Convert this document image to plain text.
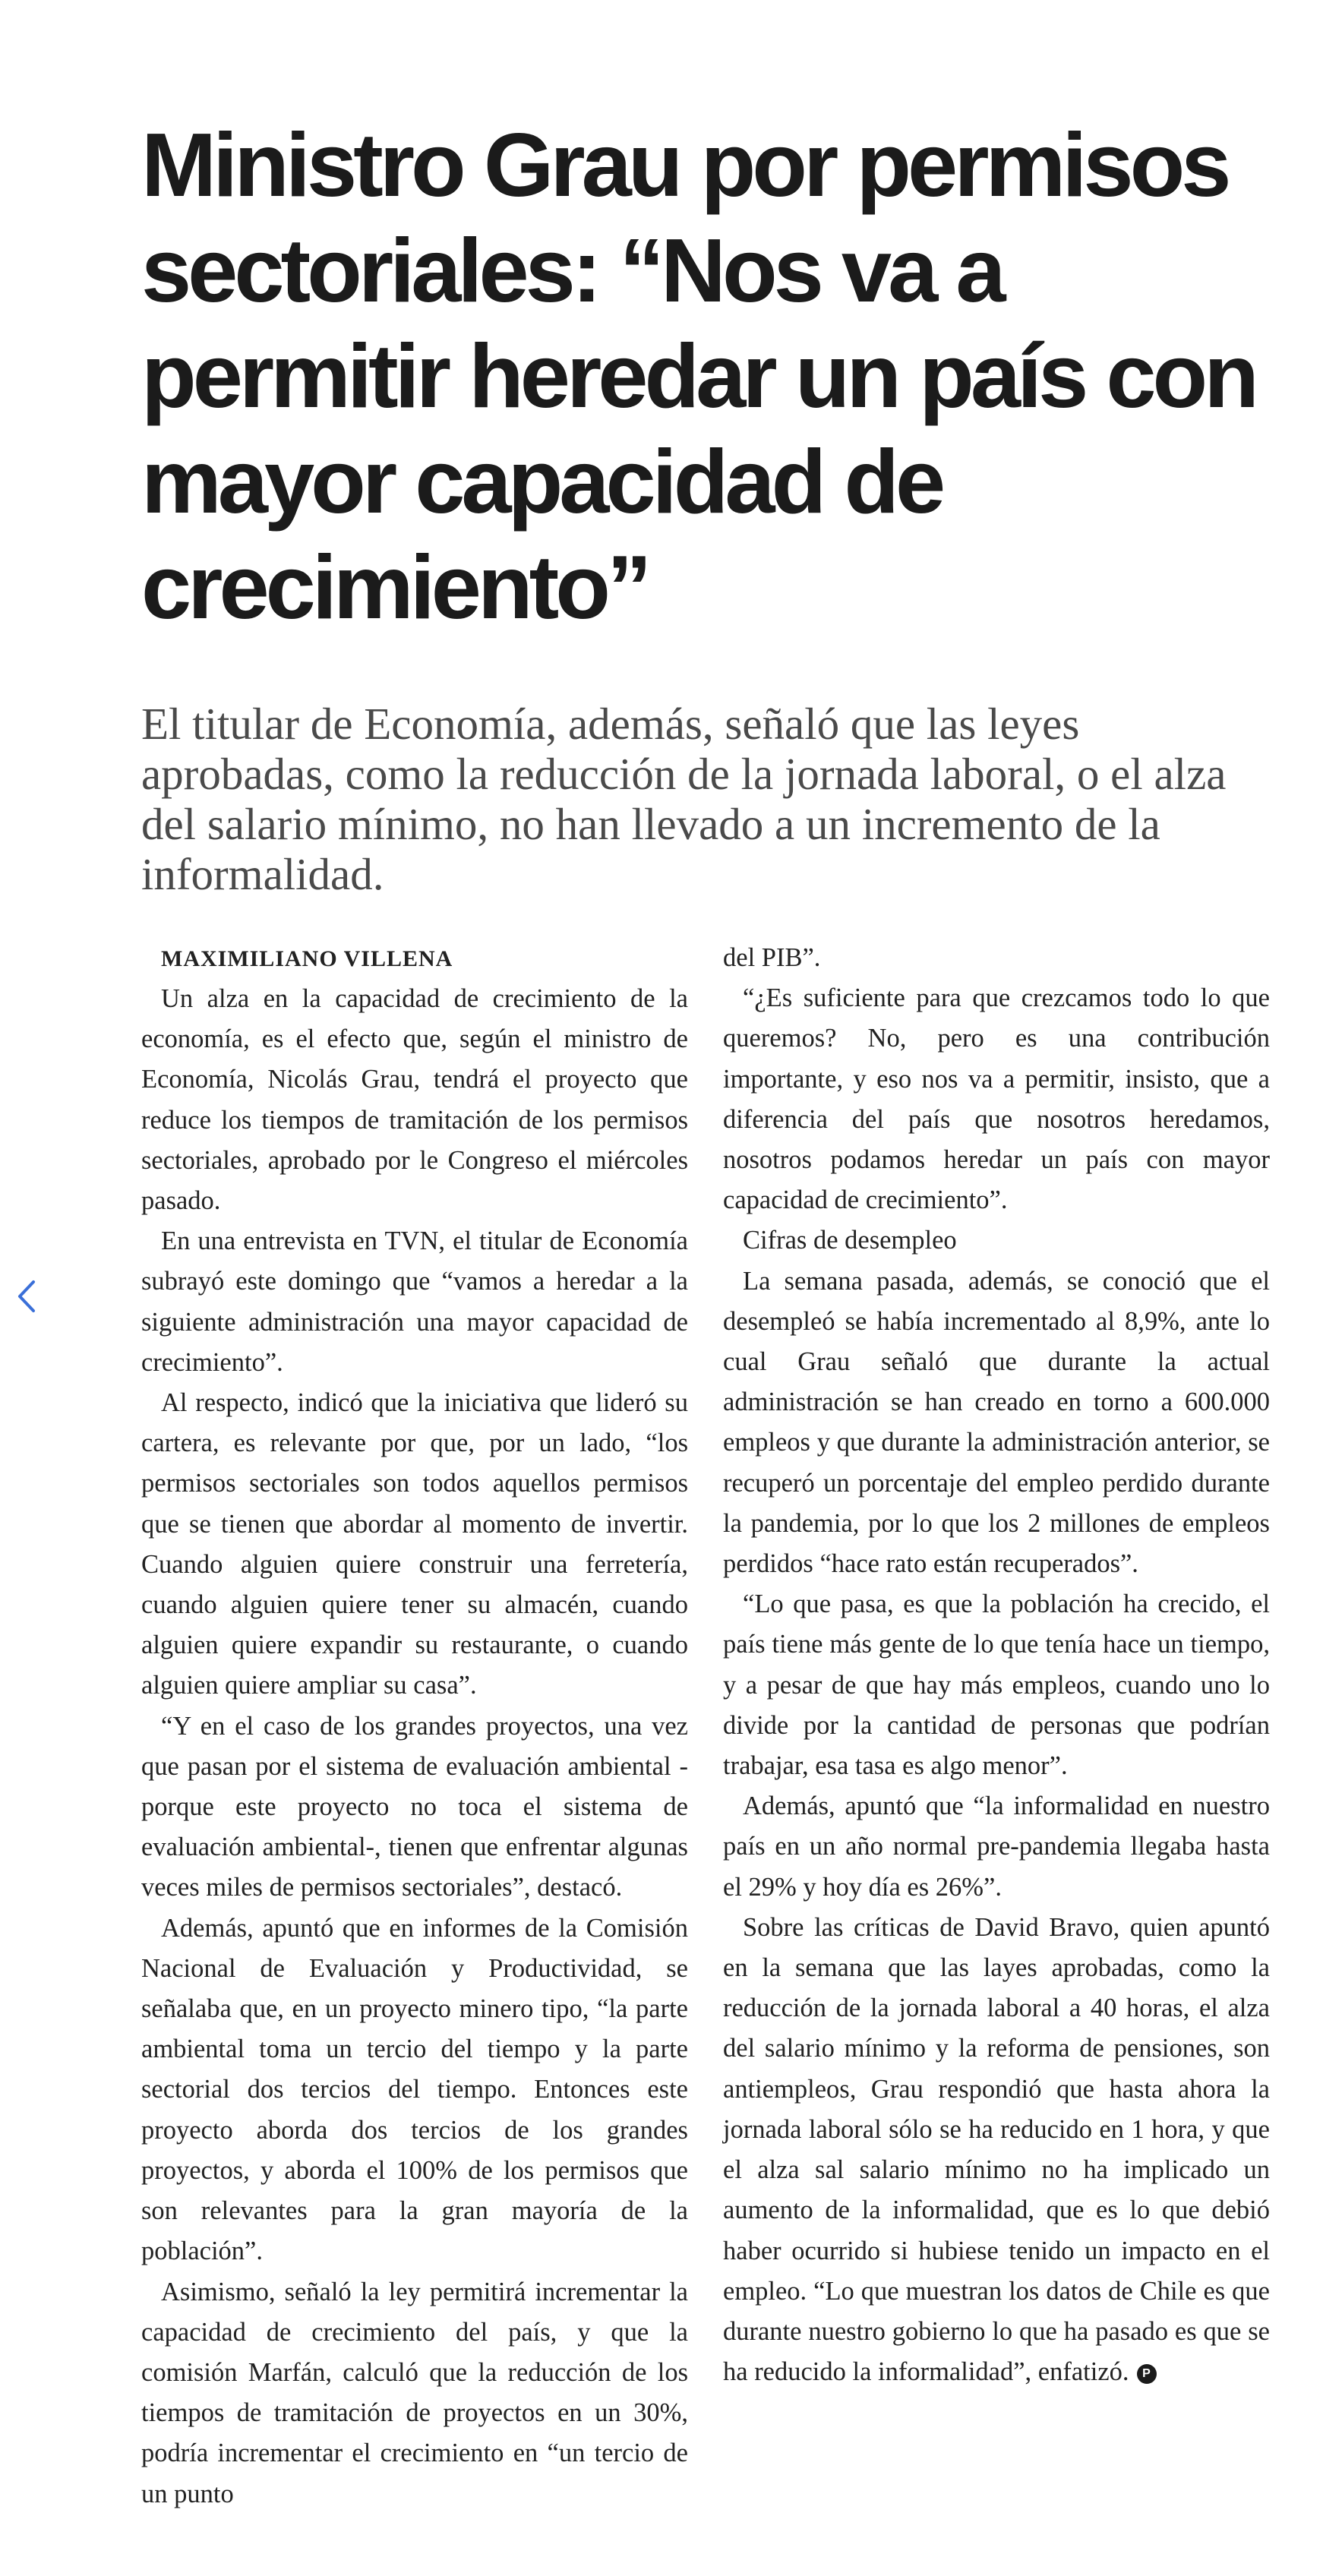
Ministro Grau por permisos sectoriales: “Nos va a permitir heredar un país con mayor capacidad de crecimiento”

El titular de Economía, además, señaló que las leyes aprobadas, como la reducción de la jornada laboral, o el alza del salario mínimo, no han llevado a un incremento de la informalidad.

MAXIMILIANO VILLENA

Un alza en la capacidad de crecimiento de la economía, es el efecto que, según el ministro de Economía, Nicolás Grau, tendrá el proyecto que reduce los tiempos de tramitación de los permisos sectoriales, aprobado por le Congreso el miércoles pasado.

En una entrevista en TVN, el titular de Economía subrayó este domingo que “vamos a heredar a la siguiente administración una mayor capacidad de crecimiento”.

Al respecto, indicó que la iniciativa que lideró su cartera, es relevante por que, por un lado, “los permisos sectoriales son todos aquellos permisos que se tienen que abordar al momento de invertir. Cuando alguien quiere construir una ferretería, cuando alguien quiere tener su almacén, cuando alguien quiere expandir su restaurante, o cuando alguien quiere ampliar su casa”.

“Y en el caso de los grandes proyectos, una vez que pasan por el sistema de evaluación ambiental -porque este proyecto no toca el sistema de evaluación ambiental-, tienen que enfrentar algunas veces miles de permisos sectoriales”, destacó.

Además, apuntó que en informes de la Comisión Nacional de Evaluación y Productividad, se señalaba que, en un proyecto minero tipo, “la parte ambiental toma un tercio del tiempo y la parte sectorial dos tercios del tiempo. Entonces este proyecto aborda dos tercios de los grandes proyectos, y aborda el 100% de los permisos que son relevantes para la gran mayoría de la población”.

Asimismo, señaló la ley permitirá incrementar la capacidad de crecimiento del país, y que la comisión Marfán, calculó que la reducción de los tiempos de tramitación de proyectos en un 30%, podría incrementar el crecimiento en “un tercio de un punto

del PIB”.

“¿Es suficiente para que crezcamos todo lo que queremos? No, pero es una contribución importante, y eso nos va a permitir, insisto, que a diferencia del país que nosotros heredamos, nosotros podamos heredar un país con mayor capacidad de crecimiento”.

Cifras de desempleo

La semana pasada, además, se conoció que el desempleó se había incrementado al 8,9%, ante lo cual Grau señaló que durante la actual administración se han creado en torno a 600.000 empleos y que durante la administración anterior, se recuperó un porcentaje del empleo perdido durante la pandemia, por lo que los 2 millones de empleos perdidos “hace rato están recuperados”.

“Lo que pasa, es que la población ha crecido, el país tiene más gente de lo que tenía hace un tiempo, y a pesar de que hay más empleos, cuando uno lo divide por la cantidad de personas que podrían trabajar, esa tasa es algo menor”.

Además, apuntó que “la informalidad en nuestro país en un año normal pre-pandemia llegaba hasta el 29% y hoy día es 26%”.

Sobre las críticas de David Bravo, quien apuntó en la semana que las layes aprobadas, como la reducción de la jornada laboral a 40 horas, el alza del salario mínimo y la reforma de pensiones, son antiempleos, Grau respondió que hasta ahora la jornada laboral sólo se ha reducido en 1 hora, y que el alza sal salario mínimo no ha implicado un aumento de la informalidad, que es lo que debió haber ocurrido si hubiese tenido un impacto en el empleo. “Lo que muestran los datos de Chile es que durante nuestro gobierno lo que ha pasado es que se ha reducido la informalidad”, enfatizó. P
